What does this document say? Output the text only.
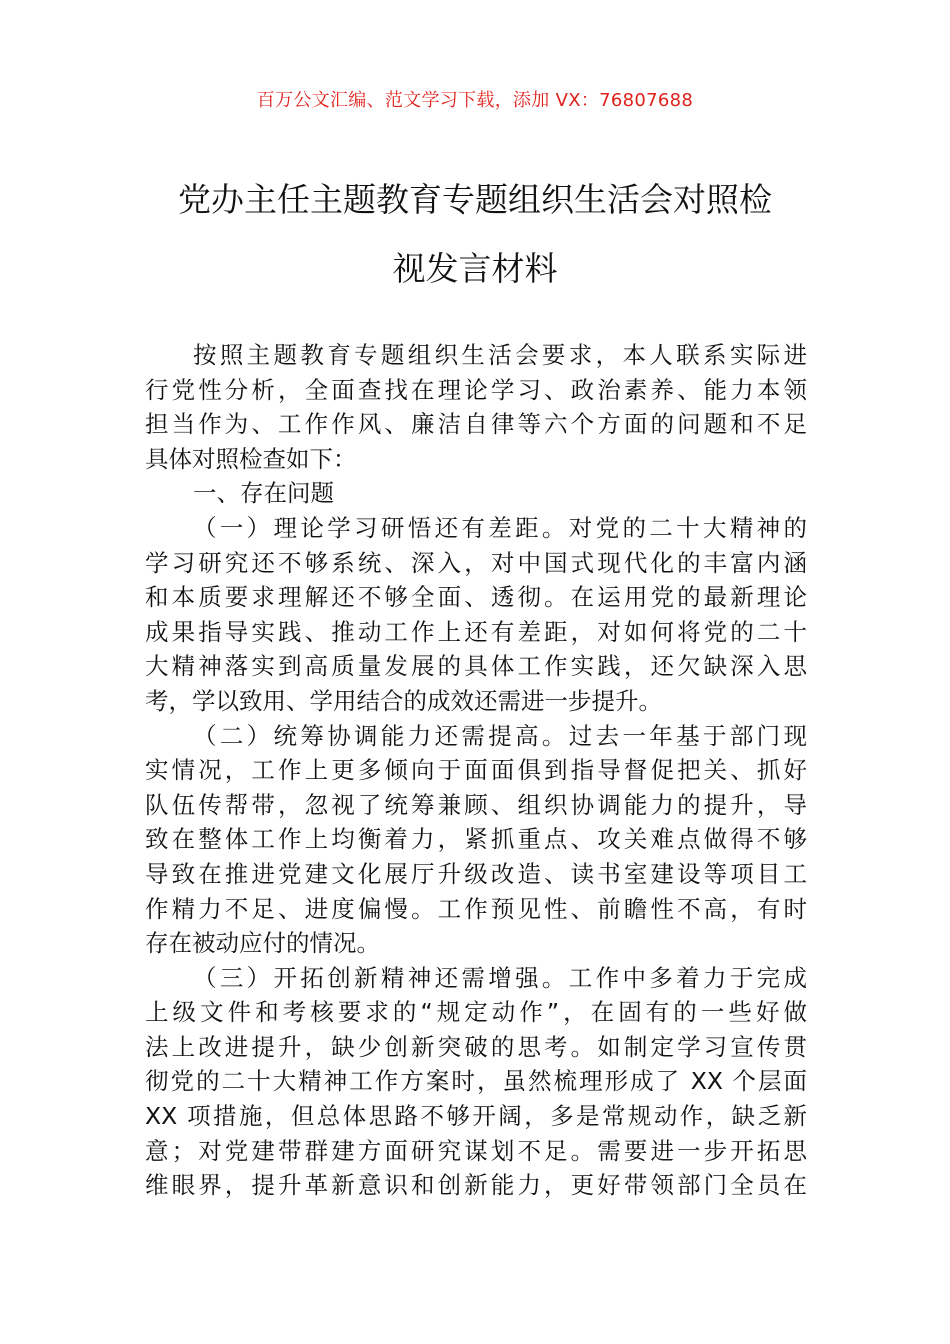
百万公文汇编、范文学习下载，添加 VX：76807688
党办主任主题教育专题组织生活会对照检
视发言材料
按照主题教育专题组织生活会要求，本人联系实际进
行党性分析，全面查找在理论学习、政治素养、能力本领
担当作为、工作作风、廉洁自律等六个方面的问题和不足
具体对照检查如下：
一、存在问题
（一）理论学习研悟还有差距。对党的二十大精神的
学习研究还不够系统、深入，对中国式现代化的丰富内涵
和本质要求理解还不够全面、透彻。在运用党的最新理论
成果指导实践、推动工作上还有差距，对如何将党的二十
大精神落实到高质量发展的具体工作实践，还欠缺深入思
考，学以致用、学用结合的成效还需进一步提升。
（二）统筹协调能力还需提高。过去一年基于部门现
实情况，工作上更多倾向于面面俱到指导督促把关、抓好
队伍传帮带，忽视了统筹兼顾、组织协调能力的提升，导
致在整体工作上均衡着力，紧抓重点、攻关难点做得不够
导致在推进党建文化展厅升级改造、读书室建设等项目工
作精力不足、进度偏慢。工作预见性、前瞻性不高，有时
存在被动应付的情况。
（三）开拓创新精神还需增强。工作中多着力于完成
上级文件和考核要求的“规定动作”，在固有的一些好做
法上改进提升，缺少创新突破的思考。如制定学习宣传贯
彻党的二十大精神工作方案时，虽然梳理形成了 XX 个层面
XX 项措施，但总体思路不够开阔，多是常规动作，缺乏新
意；对党建带群建方面研究谋划不足。需要进一步开拓思
维眼界，提升革新意识和创新能力，更好带领部门全员在
